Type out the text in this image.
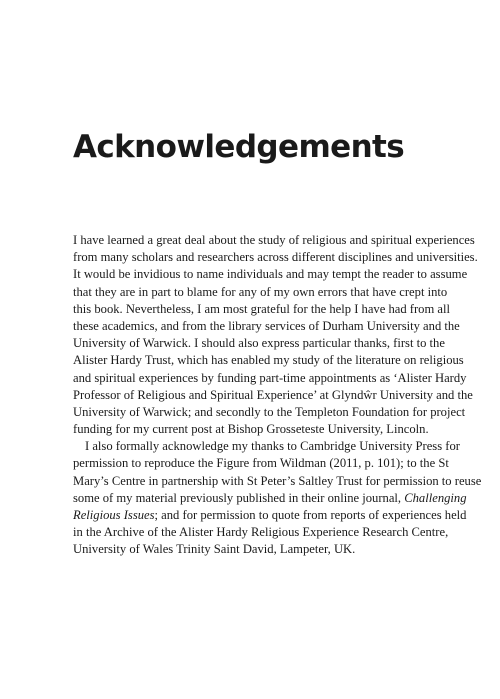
Acknowledgements
I have learned a great deal about the study of religious and spiritual experiences
from many scholars and researchers across different disciplines and universities.
It would be invidious to name individuals and may tempt the reader to assume
that they are in part to blame for any of my own errors that have crept into
this book. Nevertheless, I am most grateful for the help I have had from all
these academics, and from the library services of Durham University and the
University of Warwick. I should also express particular thanks, first to the
Alister Hardy Trust, which has enabled my study of the literature on religious
and spiritual experiences by funding part-time appointments as ‘Alister Hardy
Professor of Religious and Spiritual Experience’ at Glyndŵr University and the
University of Warwick; and secondly to the Templeton Foundation for project
funding for my current post at Bishop Grosseteste University, Lincoln.
I also formally acknowledge my thanks to Cambridge University Press for
permission to reproduce the Figure from Wildman (2011, p. 101); to the St
Mary’s Centre in partnership with St Peter’s Saltley Trust for permission to reuse
some of my material previously published in their online journal, Challenging
Religious Issues; and for permission to quote from reports of experiences held
in the Archive of the Alister Hardy Religious Experience Research Centre,
University of Wales Trinity Saint David, Lampeter, UK.
